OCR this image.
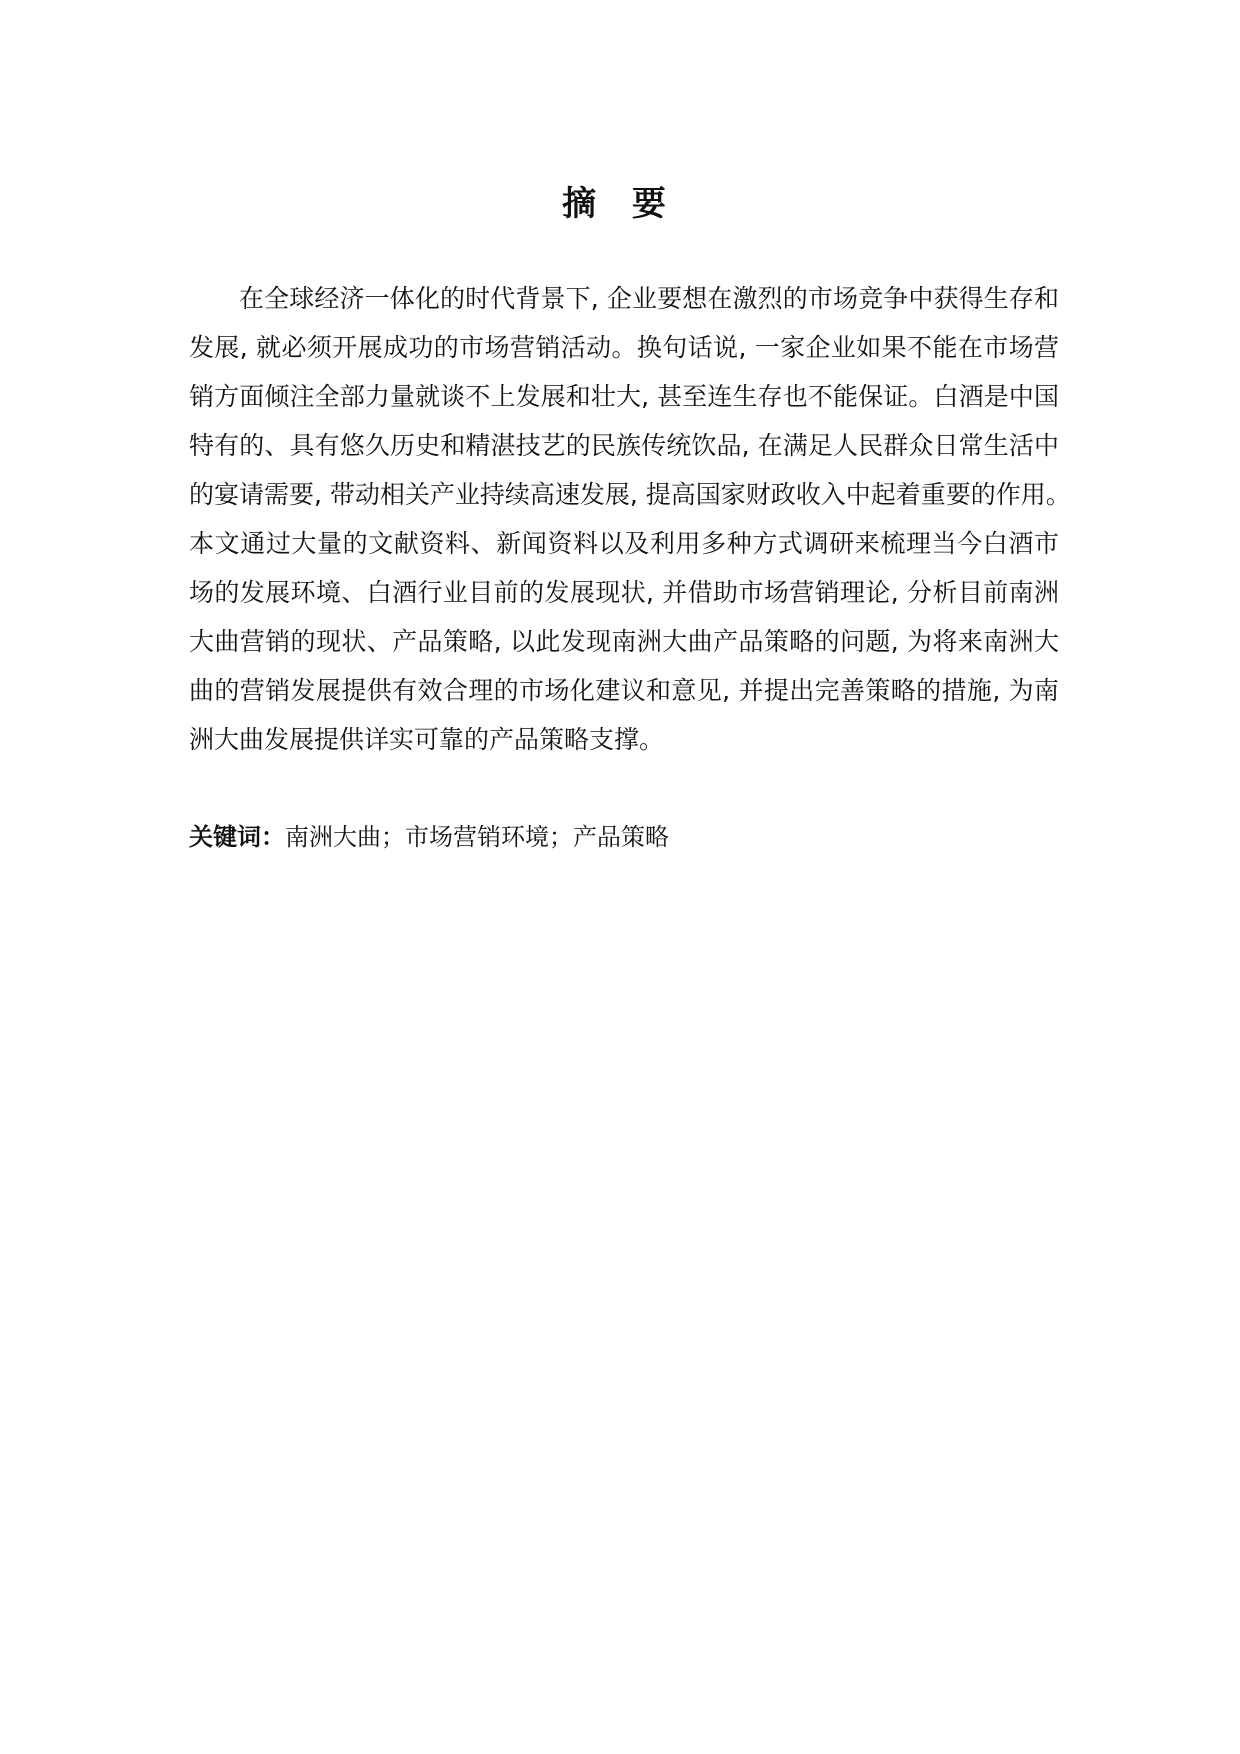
摘 要
在全球经济一体化的时代背景下, 企业要想在激烈的市场竞争中获得生存和
发展, 就必须开展成功的市场营销活动。换句话说, 一家企业如果不能在市场营
销方面倾注全部力量就谈不上发展和壮大, 甚至连生存也不能保证。白酒是中国
特有的、具有悠久历史和精湛技艺的民族传统饮品, 在满足人民群众日常生活中
的宴请需要, 带动相关产业持续高速发展, 提高国家财政收入中起着重要的作用。
本文通过大量的文献资料、新闻资料以及利用多种方式调研来梳理当今白酒市
场的发展环境、白酒行业目前的发展现状, 并借助市场营销理论, 分析目前南洲
大曲营销的现状、产品策略, 以此发现南洲大曲产品策略的问题, 为将来南洲大
曲的营销发展提供有效合理的市场化建议和意见, 并提出完善策略的措施, 为南
洲大曲发展提供详实可靠的产品策略支撑。
关键词：南洲大曲；市场营销环境；产品策略
